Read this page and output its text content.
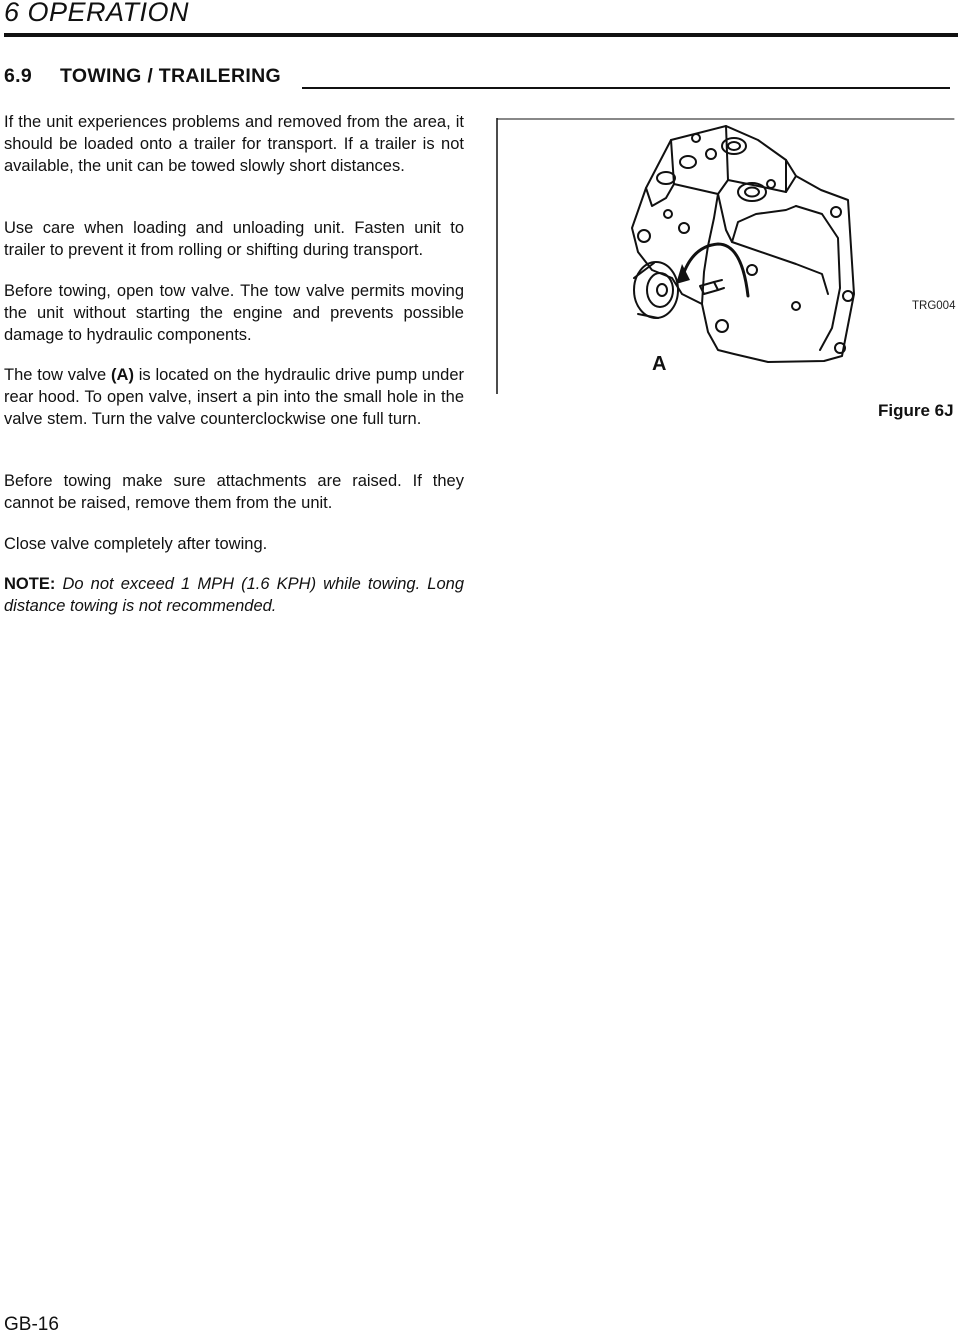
6 OPERATION
6.9 TOWING / TRAILERING

If the unit experiences problems and removed from the area, it should be loaded onto a trailer for transport. If a trailer is not available, the unit can be towed slowly short distances.

Use care when loading and unloading unit. Fasten unit to trailer to prevent it from rolling or shifting during transport.

Before towing, open tow valve. The tow valve permits moving the unit without starting the engine and prevents possible damage to hydraulic components.

The tow valve (A) is located on the hydraulic drive pump under rear hood. To open valve, insert a pin into the small hole in the valve stem. Turn the valve counterclockwise one full turn.

Before towing make sure attachments are raised. If they cannot be raised, remove them from the unit.

Close valve completely after towing.

NOTE: Do not exceed 1 MPH (1.6 KPH) while towing. Long distance towing is not recommended.

A
TRG004
Figure 6J
GB-16
